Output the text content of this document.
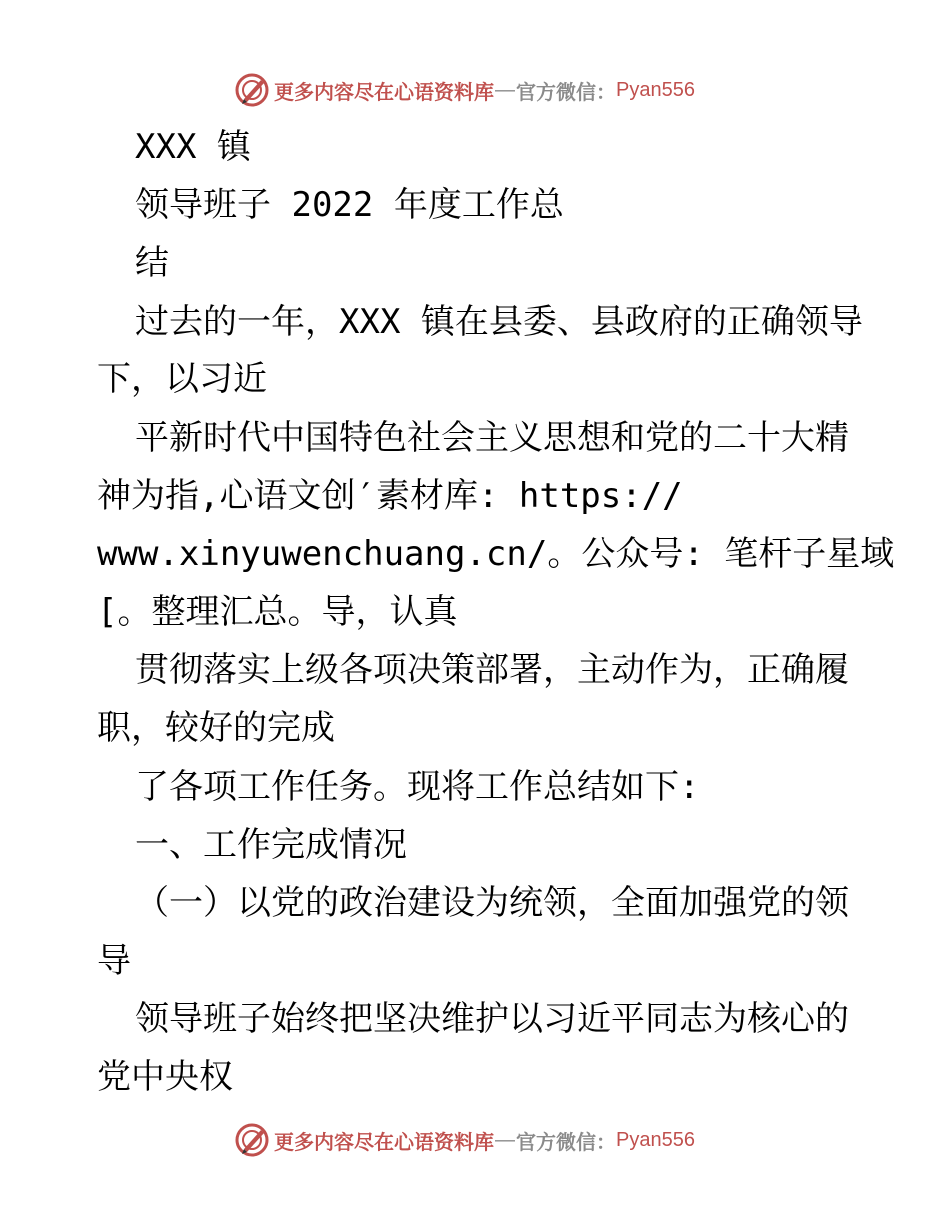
更多内容尽在心语资料库 — 官方微信： Pyan556
XXX 镇
领导班子 2022 年度工作总
结
过去的一年，XXX 镇在县委、县政府的正确领导
下，以习近
平新时代中国特色社会主义思想和党的二十大精
神为指,心语文创′素材库: https://
www.xinyuwenchuang.cn/。公众号: 笔杆子星域
[。整理汇总。导，认真
贯彻落实上级各项决策部署，主动作为，正确履
职，较好的完成
了各项工作任务。现将工作总结如下:
一、工作完成情况
（一）以党的政治建设为统领，全面加强党的领
导
领导班子始终把坚决维护以习近平同志为核心的
党中央权
更多内容尽在心语资料库 — 官方微信： Pyan556
